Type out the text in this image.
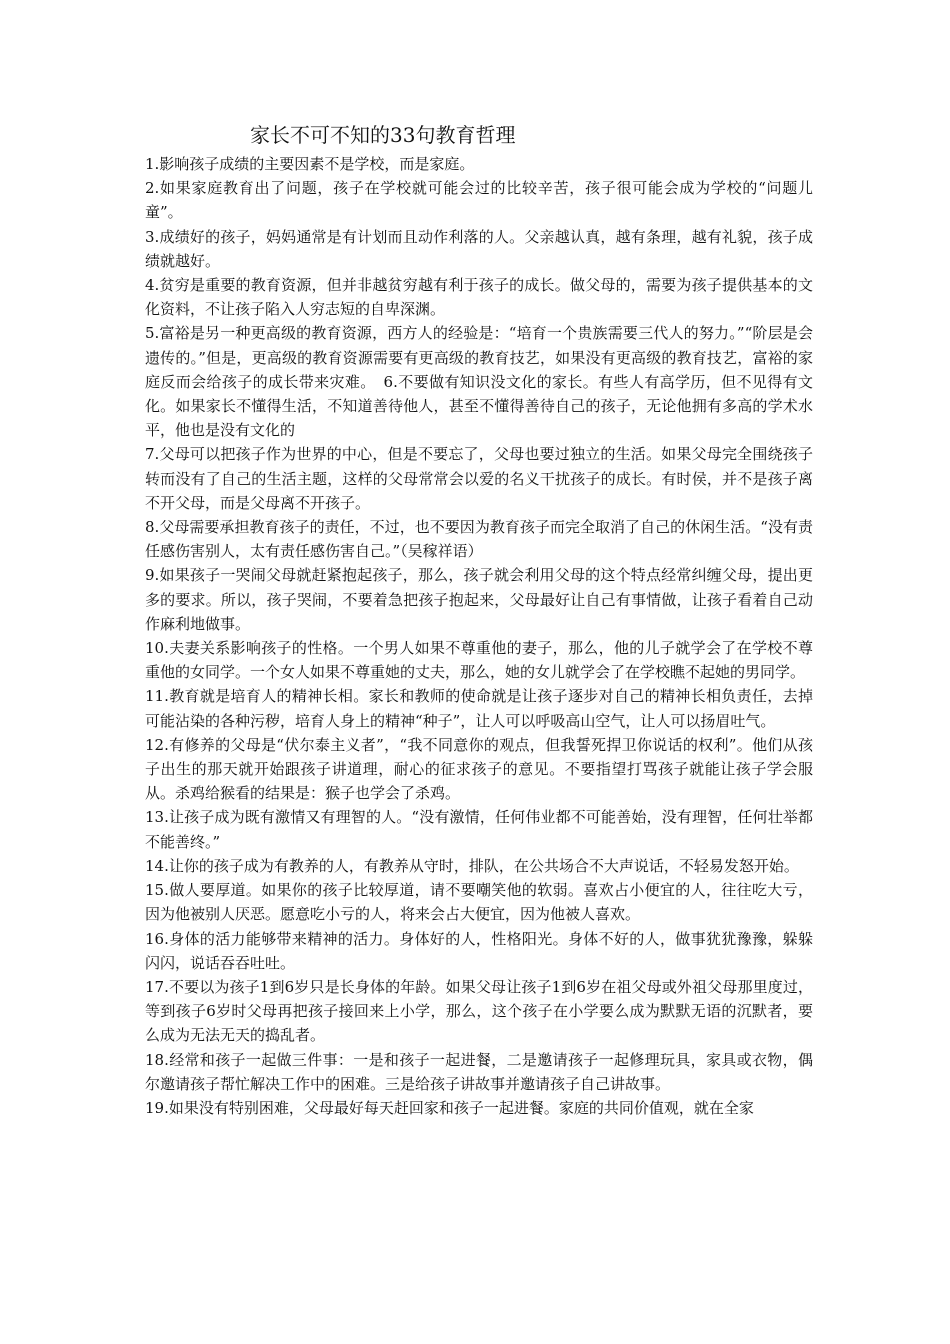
家长不可不知的33句教育哲理

1.影响孩子成绩的主要因素不是学校，而是家庭。

2.如果家庭教育出了问题，孩子在学校就可能会过的比较辛苦，孩子很可能会成为学校的“问题儿童”。

3.成绩好的孩子，妈妈通常是有计划而且动作利落的人。父亲越认真，越有条理，越有礼貌，孩子成绩就越好。

4.贫穷是重要的教育资源，但并非越贫穷越有利于孩子的成长。做父母的，需要为孩子提供基本的文化资料，不让孩子陷入人穷志短的自卑深渊。

5.富裕是另一种更高级的教育资源，西方人的经验是：“培育一个贵族需要三代人的努力。”“阶层是会遗传的。”但是，更高级的教育资源需要有更高级的教育技艺，如果没有更高级的教育技艺，富裕的家庭反而会给孩子的成长带来灾难。　6.不要做有知识没文化的家长。有些人有高学历，但不见得有文化。如果家长不懂得生活，不知道善待他人，甚至不懂得善待自己的孩子，无论他拥有多高的学术水平，他也是没有文化的

7.父母可以把孩子作为世界的中心，但是不要忘了，父母也要过独立的生活。如果父母完全围绕孩子转而没有了自己的生活主题，这样的父母常常会以爱的名义干扰孩子的成长。有时侯，并不是孩子离不开父母，而是父母离不开孩子。

8.父母需要承担教育孩子的责任，不过，也不要因为教育孩子而完全取消了自己的休闲生活。“没有责任感伤害别人，太有责任感伤害自己。”（吴稼祥语）

9.如果孩子一哭闹父母就赶紧抱起孩子，那么，孩子就会利用父母的这个特点经常纠缠父母，提出更多的要求。所以，孩子哭闹，不要着急把孩子抱起来，父母最好让自己有事情做，让孩子看着自己动作麻利地做事。

10.夫妻关系影响孩子的性格。一个男人如果不尊重他的妻子，那么，他的儿子就学会了在学校不尊重他的女同学。一个女人如果不尊重她的丈夫，那么，她的女儿就学会了在学校瞧不起她的男同学。

11.教育就是培育人的精神长相。家长和教师的使命就是让孩子逐步对自己的精神长相负责任，去掉可能沾染的各种污秽，培育人身上的精神“种子”，让人可以呼吸高山空气，让人可以扬眉吐气。

12.有修养的父母是“伏尔泰主义者”，“我不同意你的观点，但我誓死捍卫你说话的权利”。他们从孩子出生的那天就开始跟孩子讲道理，耐心的征求孩子的意见。不要指望打骂孩子就能让孩子学会服从。杀鸡给猴看的结果是：猴子也学会了杀鸡。

13.让孩子成为既有激情又有理智的人。“没有激情，任何伟业都不可能善始，没有理智，任何壮举都不能善终。”

14.让你的孩子成为有教养的人，有教养从守时，排队，在公共场合不大声说话，不轻易发怒开始。

15.做人要厚道。如果你的孩子比较厚道，请不要嘲笑他的软弱。喜欢占小便宜的人，往往吃大亏，因为他被别人厌恶。愿意吃小亏的人，将来会占大便宜，因为他被人喜欢。

16.身体的活力能够带来精神的活力。身体好的人，性格阳光。身体不好的人，做事犹犹豫豫，躲躲闪闪，说话吞吞吐吐。

17.不要以为孩子1到6岁只是长身体的年龄。如果父母让孩子1到6岁在祖父母或外祖父母那里度过，等到孩子6岁时父母再把孩子接回来上小学，那么，这个孩子在小学要么成为默默无语的沉默者，要么成为无法无天的捣乱者。

18.经常和孩子一起做三件事：一是和孩子一起进餐，二是邀请孩子一起修理玩具，家具或衣物，偶尔邀请孩子帮忙解决工作中的困难。三是给孩子讲故事并邀请孩子自己讲故事。

19.如果没有特别困难，父母最好每天赶回家和孩子一起进餐。家庭的共同价值观，就在全家
